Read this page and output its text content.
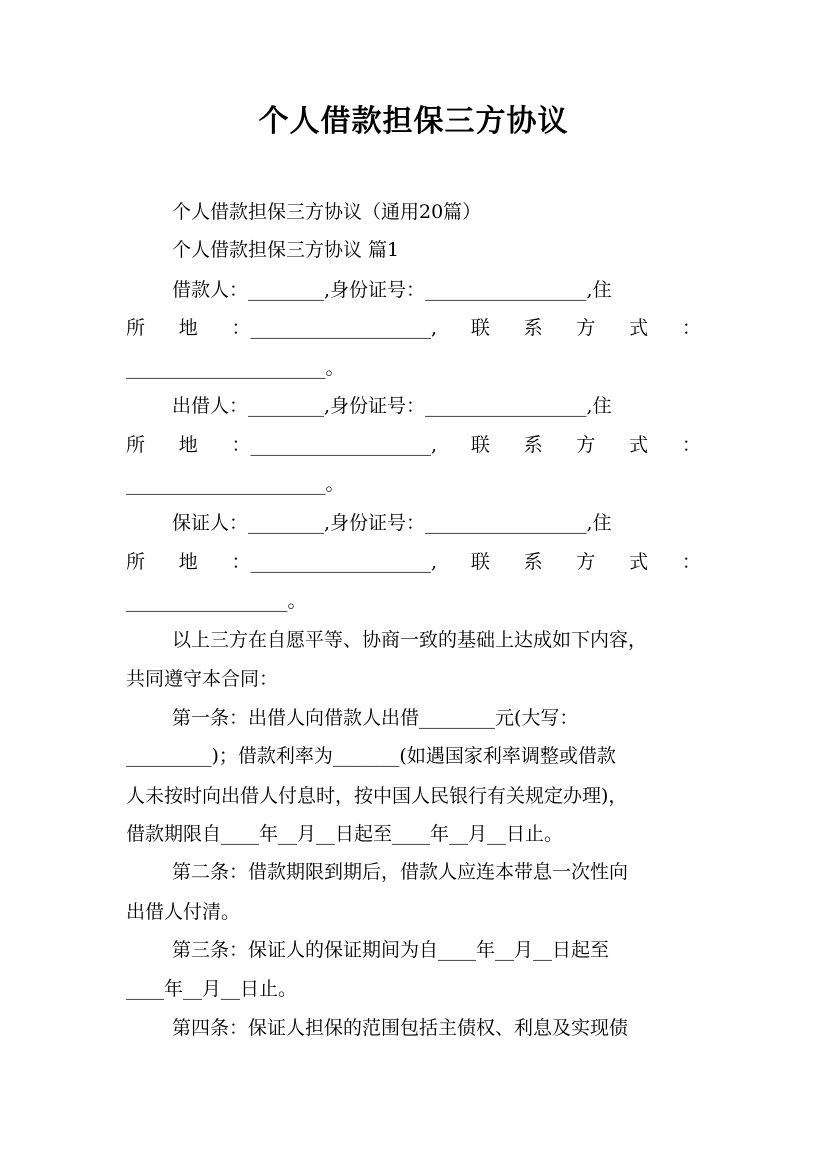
个人借款担保三方协议
个人借款担保三方协议（通用20篇）
个人借款担保三方协议 篇1
借款人：________,身份证号：_________________,住
所 地 ：___________________, 联 系 方 式 ：
_____________________。
出借人：________,身份证号：_________________,住
所 地 ：___________________, 联 系 方 式 ：
_____________________。
保证人：________,身份证号：_________________,住
所 地 ：___________________, 联 系 方 式 ：
_________________。
以上三方在自愿平等、协商一致的基础上达成如下内容，
共同遵守本合同：
第一条：出借人向借款人出借________元(大写：
_________)；借款利率为_______(如遇国家利率调整或借款
人未按时向出借人付息时，按中国人民银行有关规定办理)，
借款期限自____年__月__日起至____年__月__日止。
第二条：借款期限到期后，借款人应连本带息一次性向
出借人付清。
第三条：保证人的保证期间为自____年__月__日起至
____年__月__日止。
第四条：保证人担保的范围包括主债权、利息及实现债
